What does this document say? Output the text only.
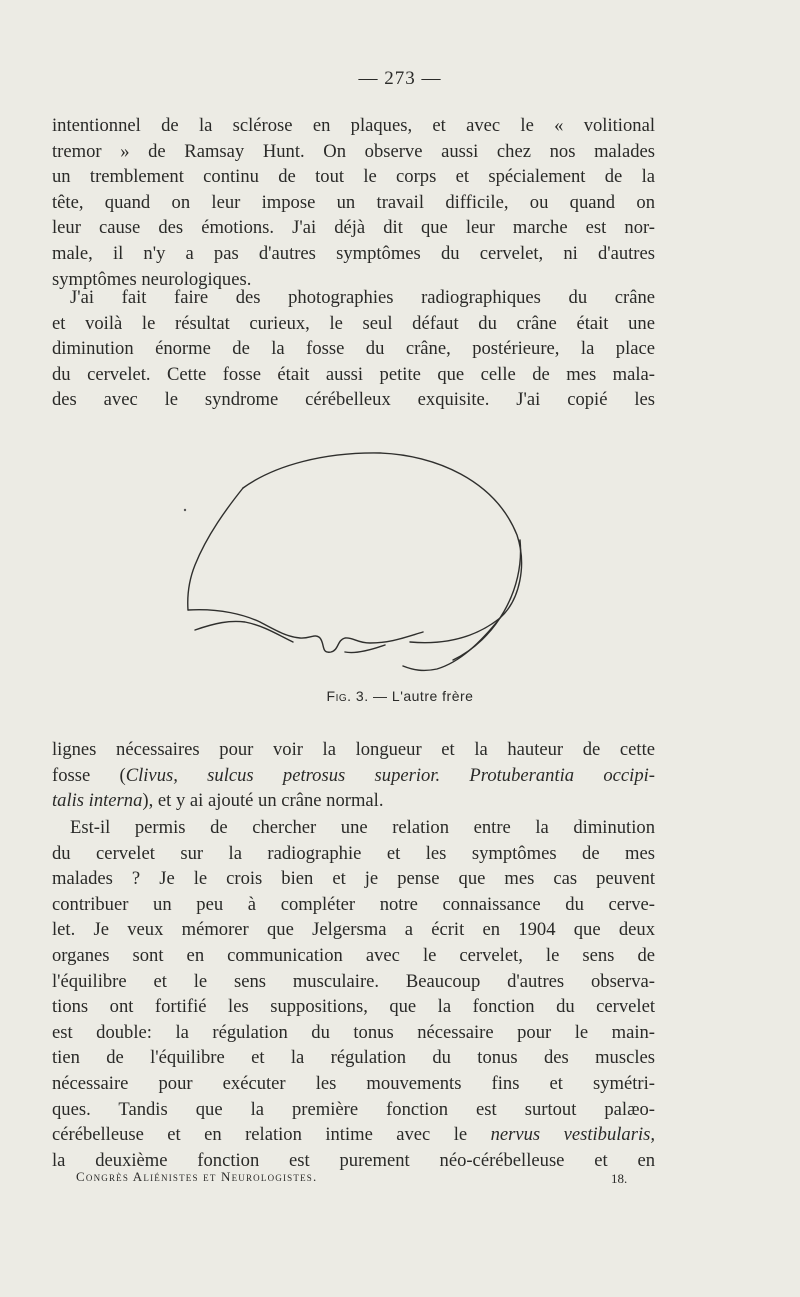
— 273 —

intentionnel de la sclérose en plaques, et avec le « volitional
tremor » de Ramsay Hunt. On observe aussi chez nos malades
un tremblement continu de tout le corps et spécialement de la
tête, quand on leur impose un travail difficile, ou quand on
leur cause des émotions. J'ai déjà dit que leur marche est nor-
male, il n'y a pas d'autres symptômes du cervelet, ni d'autres
symptômes neurologiques.

J'ai fait faire des photographies radiographiques du crâne
et voilà le résultat curieux, le seul défaut du crâne était une
diminution énorme de la fosse du crâne, postérieure, la place
du cervelet. Cette fosse était aussi petite que celle de mes mala-
des avec le syndrome cérébelleux exquisite. J'ai copié les

Fig. 3. — L'autre frère

lignes nécessaires pour voir la longueur et la hauteur de cette
fosse (Clivus, sulcus petrosus superior. Protuberantia occipi-
talis interna), et y ai ajouté un crâne normal.

Est-il permis de chercher une relation entre la diminution
du cervelet sur la radiographie et les symptômes de mes
malades ? Je le crois bien et je pense que mes cas peuvent
contribuer un peu à compléter notre connaissance du cerve-
let. Je veux mémorer que Jelgersma a écrit en 1904 que deux
organes sont en communication avec le cervelet, le sens de
l'équilibre et le sens musculaire. Beaucoup d'autres observa-
tions ont fortifié les suppositions, que la fonction du cervelet
est double: la régulation du tonus nécessaire pour le main-
tien de l'équilibre et la régulation du tonus des muscles
nécessaire pour exécuter les mouvements fins et symétri-
ques. Tandis que la première fonction est surtout palæo-
cérébelleuse et en relation intime avec le nervus vestibularis,
la deuxième fonction est purement néo-cérébelleuse et en

Congrès Aliénistes et Neurologistes.	18.
